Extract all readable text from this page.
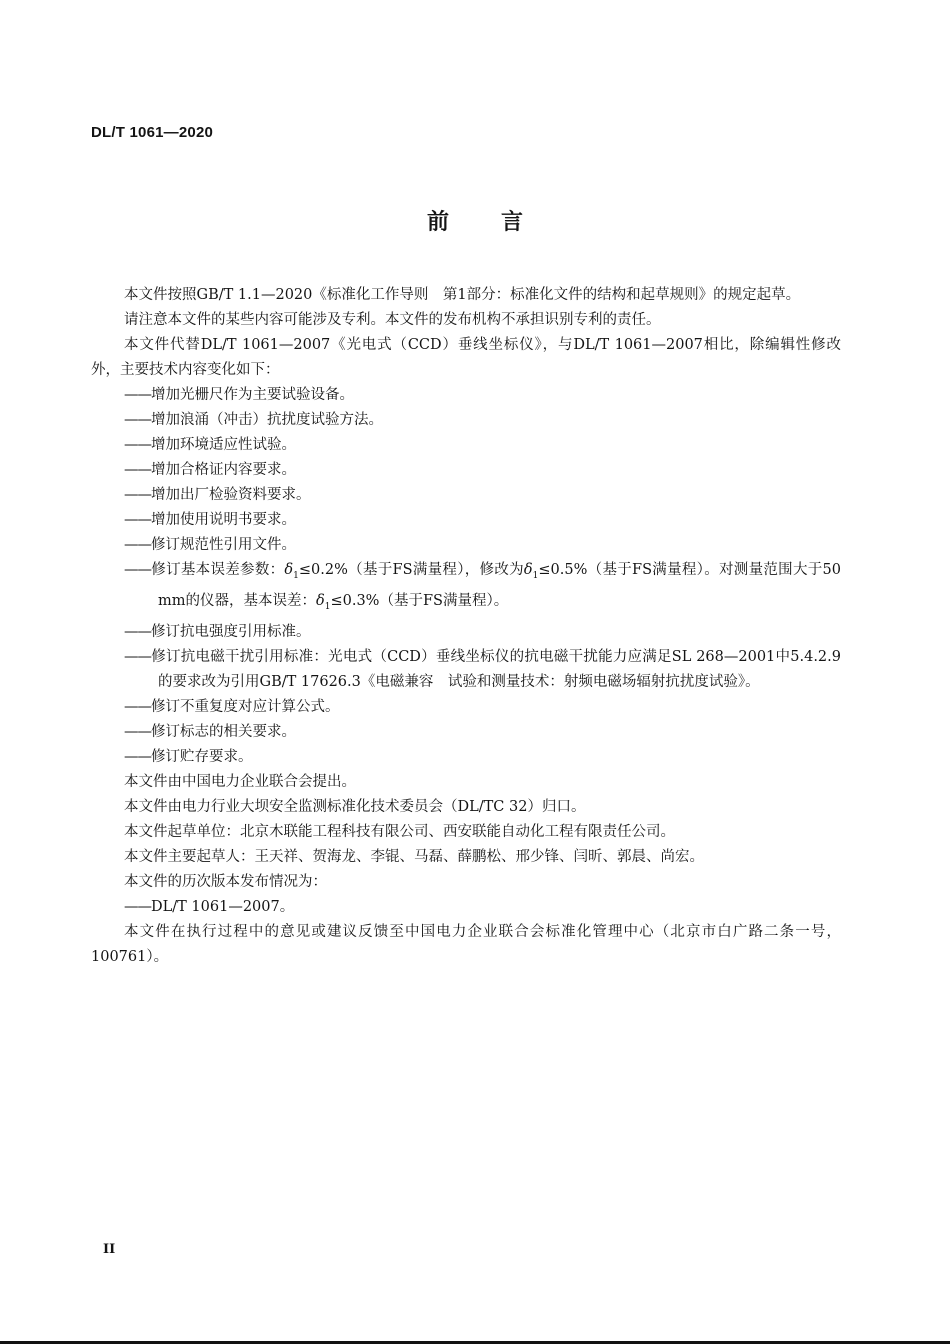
DL/T 1061—2020
前言

本文件按照GB/T 1.1—2020《标准化工作导则　第1部分：标准化文件的结构和起草规则》的规定起草。

请注意本文件的某些内容可能涉及专利。本文件的发布机构不承担识别专利的责任。

本文件代替DL/T 1061—2007《光电式（CCD）垂线坐标仪》，与DL/T 1061—2007相比，除编辑性修改外，主要技术内容变化如下：

——增加光栅尺作为主要试验设备。

——增加浪涌（冲击）抗扰度试验方法。

——增加环境适应性试验。

——增加合格证内容要求。

——增加出厂检验资料要求。

——增加使用说明书要求。

——修订规范性引用文件。

——修订基本误差参数：$\delta_1\le 0.2\%$（基于FS满量程），修改为$\delta_1\le 0.5\%$（基于FS满量程）。对测量范围大于50 mm的仪器，基本误差：$\delta_1\le 0.3\%$（基于FS满量程）。

——修订抗电强度引用标准。

——修订抗电磁干扰引用标准：光电式（CCD）垂线坐标仪的抗电磁干扰能力应满足SL 268—2001中5.4.2.9的要求改为引用GB/T 17626.3《电磁兼容　试验和测量技术：射频电磁场辐射抗扰度试验》。

——修订不重复度对应计算公式。

——修订标志的相关要求。

——修订贮存要求。

本文件由中国电力企业联合会提出。

本文件由电力行业大坝安全监测标准化技术委员会（DL/TC 32）归口。

本文件起草单位：北京木联能工程科技有限公司、西安联能自动化工程有限责任公司。

本文件主要起草人：王天祥、贺海龙、李锟、马磊、薛鹏松、邢少锋、闫昕、郭晨、尚宏。

本文件的历次版本发布情况为：

——DL/T 1061—2007。

本文件在执行过程中的意见或建议反馈至中国电力企业联合会标准化管理中心（北京市白广路二条一号，100761）。

II
